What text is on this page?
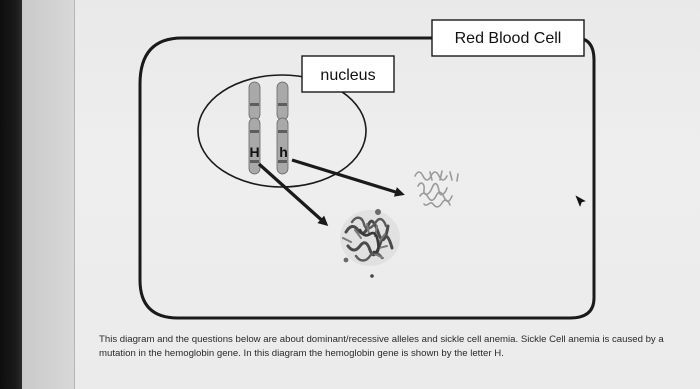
Red Blood Cell
nucleus
H h

This diagram and the questions below are about dominant/recessive alleles and sickle cell anemia. Sickle Cell anemia is caused by a mutation in the hemoglobin gene. In this diagram the hemoglobin gene is shown by the letter H.
